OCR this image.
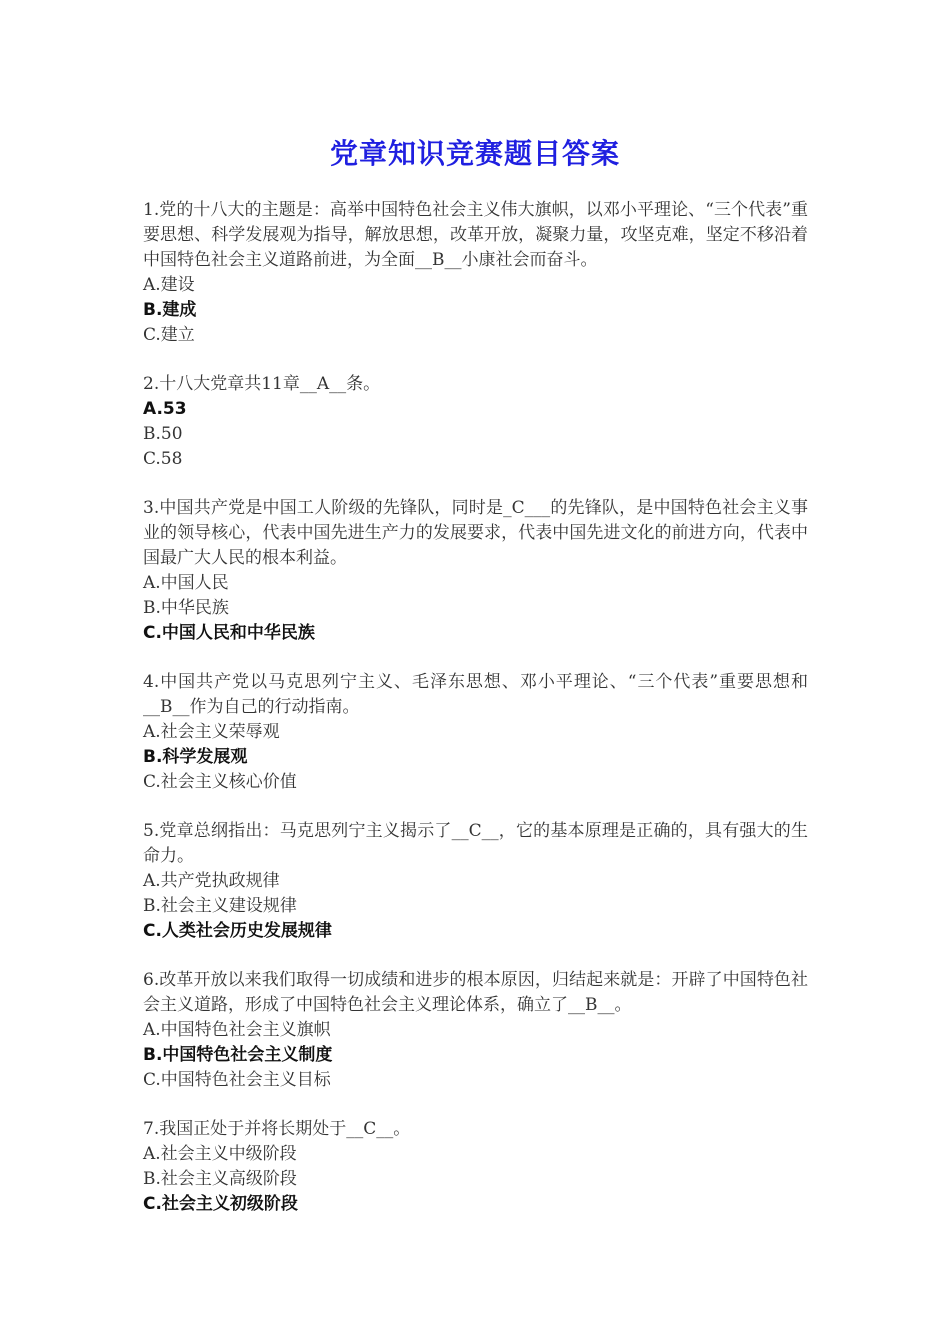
党章知识竞赛题目答案
1.党的十八大的主题是：高举中国特色社会主义伟大旗帜，以邓小平理论、“三个代表”重要思想、科学发展观为指导，解放思想，改革开放，凝聚力量，攻坚克难，坚定不移沿着中国特色社会主义道路前进，为全面__B__小康社会而奋斗。
A.建设
B.建成
C.建立
2.十八大党章共11章__A__条。
A.53
B.50
C.58
3.中国共产党是中国工人阶级的先锋队，同时是_C___的先锋队，是中国特色社会主义事业的领导核心，代表中国先进生产力的发展要求，代表中国先进文化的前进方向，代表中国最广大人民的根本利益。
A.中国人民
B.中华民族
C.中国人民和中华民族
4.中国共产党以马克思列宁主义、毛泽东思想、邓小平理论、“三个代表”重要思想和__B__作为自己的行动指南。
A.社会主义荣辱观
B.科学发展观
C.社会主义核心价值
5.党章总纲指出：马克思列宁主义揭示了__C__，它的基本原理是正确的，具有强大的生命力。
A.共产党执政规律
B.社会主义建设规律
C.人类社会历史发展规律
6.改革开放以来我们取得一切成绩和进步的根本原因，归结起来就是：开辟了中国特色社会主义道路，形成了中国特色社会主义理论体系，确立了__B__。
A.中国特色社会主义旗帜
B.中国特色社会主义制度
C.中国特色社会主义目标
7.我国正处于并将长期处于__C__。
A.社会主义中级阶段
B.社会主义高级阶段
C.社会主义初级阶段
